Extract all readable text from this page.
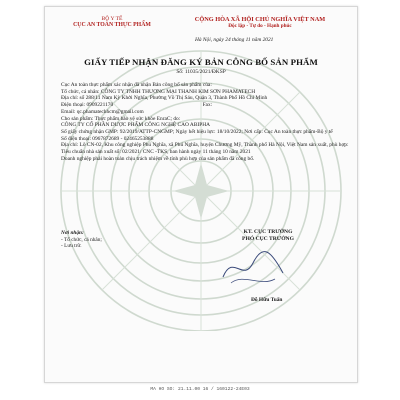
BỘ Y TẾ
CỤC AN TOÀN THỰC PHẨM
CỘNG HÒA XÃ HỘI CHỦ NGHĨA VIỆT NAM
Độc lập - Tự do - Hạnh phúc
Hà Nội, ngày 24 tháng 11 năm 2021
GIẤY TIẾP NHẬN ĐĂNG KÝ BẢN CÔNG BỐ SẢN PHẨM
Số: 11035/2021/ĐKSP
Cục An toàn thực phẩm xác nhận đã nhận Bản công bố sản phẩm của:
Tổ chức, cá nhân: CÔNG TY TNHH THƯƠNG MẠI THANH KIM SƠN PHAMATECH
Địa chỉ: số 288/11 Nam Kỳ Khởi Nghĩa, Phường Võ Thị Sáu, Quận 3, Thành Phố Hồ Chí Minh
Điện thoại: 0909221170	Fax:
Email: qc.phamatechhcm@gmail.com
Cho sản phẩm: Thực phẩm bảo vệ sức khỏe EnraC; do:
CÔNG TY CỔ PHẦN DƯỢC PHẨM CÔNG NGHỆ CAO ABIPHA
Số giấy chứng nhận GMP: 92/2019/ATTP-CNGMP; Ngày hết hiệu lực: 18/10/2022; Nơi cấp: Cục An toàn thực phẩm-Bộ y tế
Số điện thoại: 0967872689 - 02465253888
Địa chỉ: Lô CN-02, Khu công nghiệp Phú Nghĩa, xã Phú Nghĩa, huyện Chương Mỹ, Thành phố Hà Nội, Việt Nam sản xuất, phù hợp:
Tiêu chuẩn nhà sản xuất số: 02/2021/ CNC -TKS, ban hành ngày 11 tháng 10 năm 2021
Doanh nghiệp phải hoàn toàn chịu trách nhiệm về tính phù hợp của sản phẩm đã công bố.
Nơi nhận:
- Tổ chức, cá nhân;
- Lưu trữ.
KT. CỤC TRƯỞNG
PHÓ CỤC TRƯỞNG
Đỗ Hữu Tuấn
MA HO SO: 21.11.00 16 / 160122-24E03
